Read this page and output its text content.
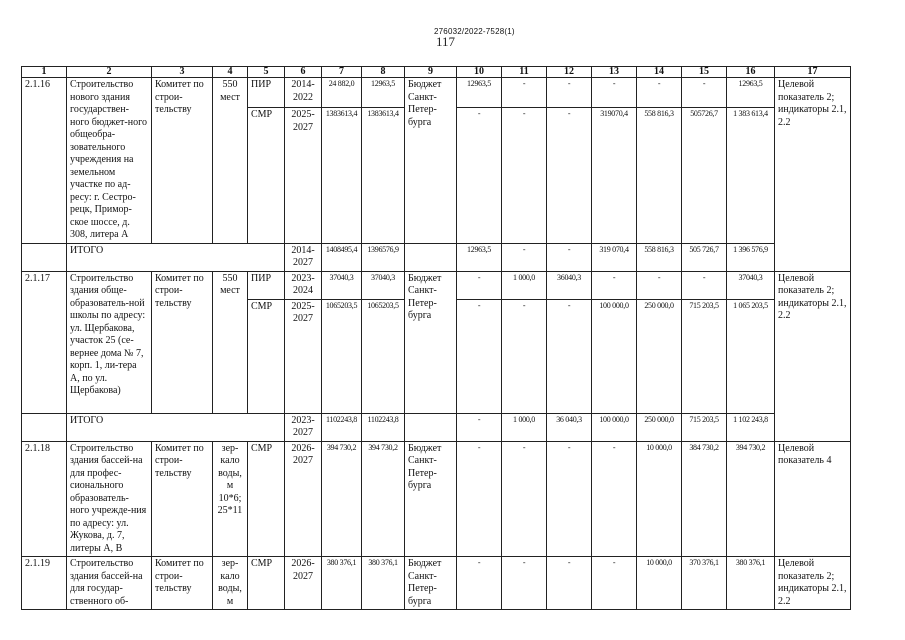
276032/2022-7528(1)
117
1	2	3	4	5	6	7	8	9	10	11	12	13	14	15	16	17
2.1.16	Строительство нового здания государствен-ного бюджет-ного общеобра-зовательного учреждения на земельном участке по ад-ресу: г. Сестро-рецк, Примор-ское шоссе, д. 308, литера А	Комитет по строи-тельству	550 мест	ПИР	2014-2022	24 882,0	12963,5	Бюджет Санкт-Петер-бурга	12963,5	-	-	-	-	-	12963,5	Целевой показатель 2; индикаторы 2.1, 2.2
				СМР	2025-2027	1383613,4	1383613,4		-	-	-	319070,4	558 816,3	505726,7	1 383 613,4	
	ИТОГО				2014-2027	1408495,4	1396576,9		12963,5	-	-	319 070,4	558 816,3	505 726,7	1 396 576,9	
2.1.17	Строительство здания обще-образователь-ной школы по адресу: ул. Щербакова, участок 25 (се-вернее дома № 7, корп. 1, ли-тера А, по ул. Щербакова)	Комитет по строи-тельству	550 мест	ПИР	2023-2024	37040,3	37040,3	Бюджет Санкт-Петер-бурга	-	1 000,0	36040,3	-	-	-	37040,3	Целевой показатель 2; индикаторы 2.1, 2.2
				СМР	2025-2027	1065203,5	1065203,5		-	-	-	100 000,0	250 000,0	715 203,5	1 065 203,5	
	ИТОГО				2023-2027	1102243,8	1102243,8		-	1 000,0	36 040,3	100 000,0	250 000,0	715 203,5	1 102 243,8	
2.1.18	Строительство здания бассей-на для профес-сионального образователь-ного учрежде-ния по адресу: ул. Жукова, д. 7, литеры А, В	Комитет по строи-тельству	зер-кало воды, м 10*6; 25*11	СМР	2026-2027	394 730,2	394 730,2	Бюджет Санкт-Петер-бурга	-	-	-	-	10 000,0	384 730,2	394 730,2	Целевой показатель 4
2.1.19	Строительство здания бассей-на для государ-ственного об-	Комитет по строи-тельству	зер-кало воды, м	СМР	2026-2027	380 376,1	380 376,1	Бюджет Санкт-Петер-бурга	-	-	-	-	10 000,0	370 376,1	380 376,1	Целевой показатель 2; индикаторы 2.1, 2.2
